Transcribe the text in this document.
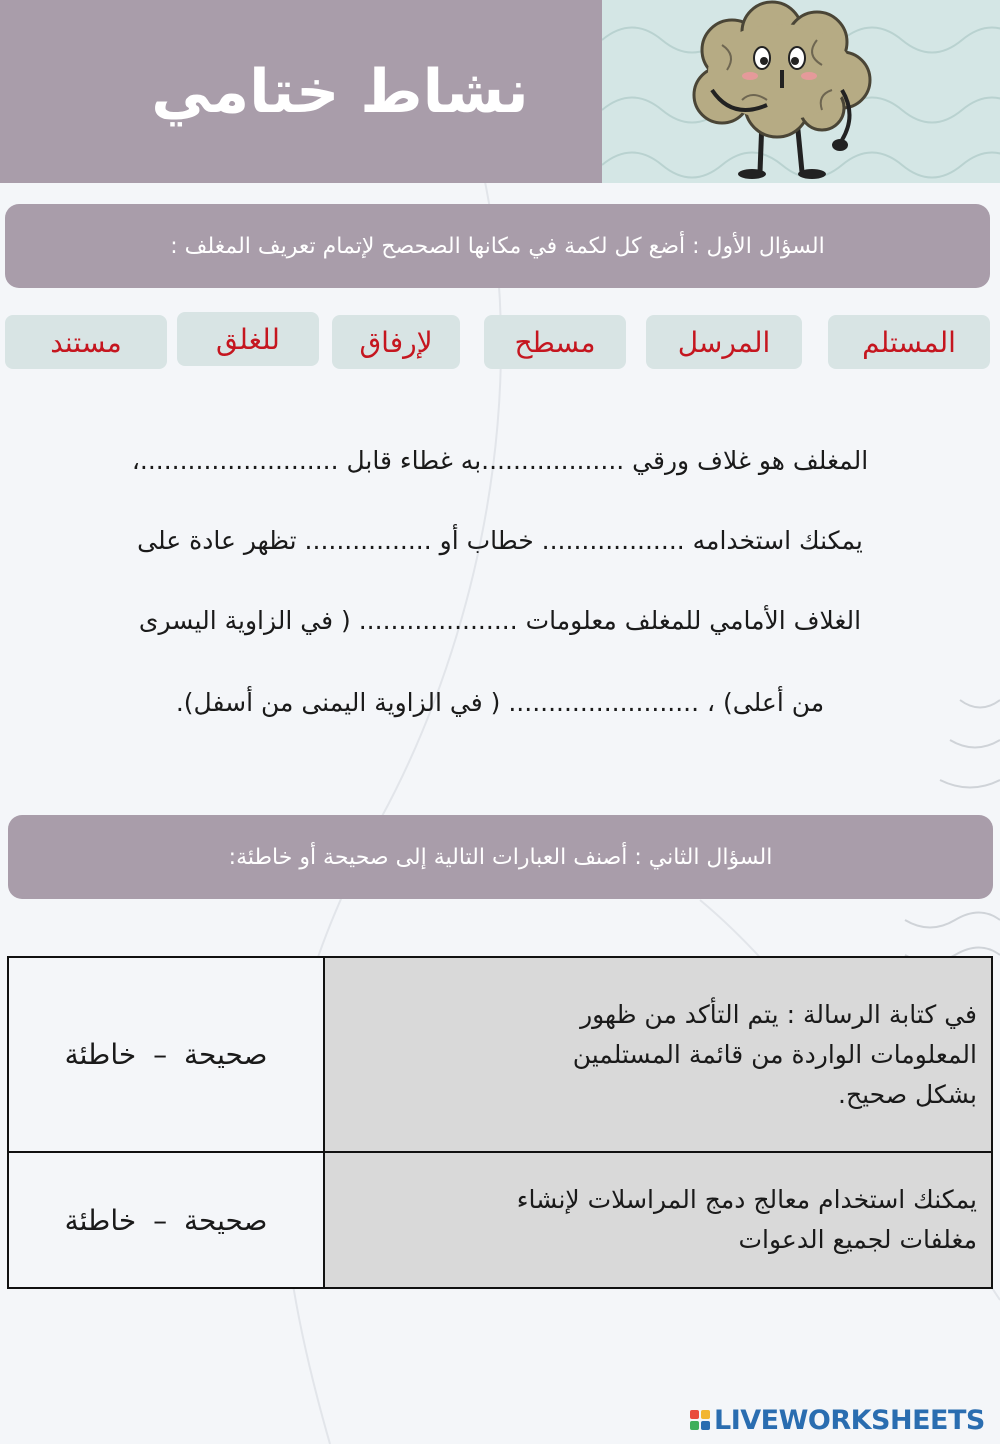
نشاط ختامي
السؤال الأول : أضع كل لكمة في مكانها الصحصح لإتمام تعريف المغلف :
المستلم
المرسل
مسطح
لإرفاق
للغلق
مستند
المغلف هو غلاف ورقي ..................به غطاء قابل .........................،
يمكنك استخدامه .................. خطاب أو ................ تظهر عادة على
الغلاف الأمامي للمغلف معلومات .................... ( في الزاوية اليسرى
من أعلى) ، ........................ ( في الزاوية اليمنى من أسفل).
السؤال الثاني : أصنف العبارات التالية إلى صحيحة أو خاطئة:
صحيحة – خاطئة	في كتابة الرسالة : يتم التأكد من ظهور
المعلومات الواردة من قائمة المستلمين
بشكل صحيح.

صحيحة – خاطئة	يمكنك استخدام معالج دمج المراسلات لإنشاء
مغلفات لجميع الدعوات
LIVEWORKSHEETS
